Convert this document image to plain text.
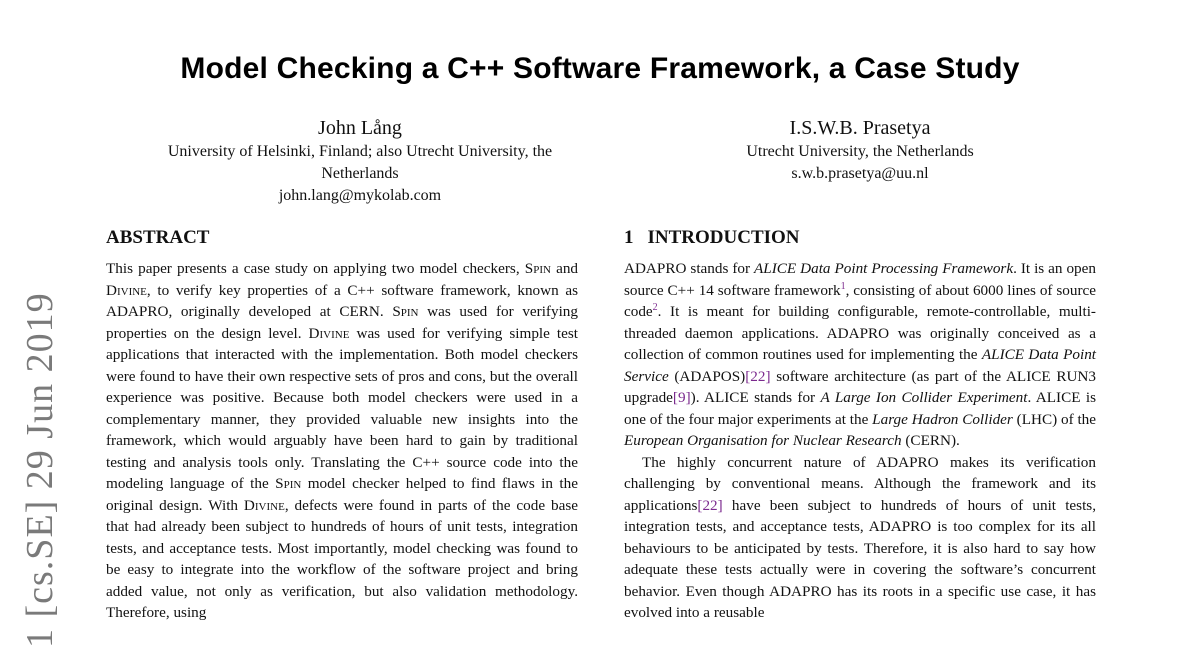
1 [cs.SE] 29 Jun 2019
Model Checking a C++ Software Framework, a Case Study
John Lång
University of Helsinki, Finland; also Utrecht University, the Netherlands
john.lang@mykolab.com
I.S.W.B. Prasetya
Utrecht University, the Netherlands
s.w.b.prasetya@uu.nl
ABSTRACT

This paper presents a case study on applying two model checkers, Spin and Divine, to verify key properties of a C++ software framework, known as ADAPRO, originally developed at CERN. Spin was used for verifying properties on the design level. Divine was used for verifying simple test applications that interacted with the implementation. Both model checkers were found to have their own respective sets of pros and cons, but the overall experience was positive. Because both model checkers were used in a complementary manner, they provided valuable new insights into the framework, which would arguably have been hard to gain by traditional testing and analysis tools only. Translating the C++ source code into the modeling language of the Spin model checker helped to find flaws in the original design. With Divine, defects were found in parts of the code base that had already been subject to hundreds of hours of unit tests, integration tests, and acceptance tests. Most importantly, model checking was found to be easy to integrate into the workflow of the software project and bring added value, not only as verification, but also validation methodology. Therefore, using

1 INTRODUCTION

ADAPRO stands for ALICE Data Point Processing Framework. It is an open source C++ 14 software framework$^1$, consisting of about 6000 lines of source code$^2$. It is meant for building configurable, remote-controllable, multi-threaded daemon applications. ADAPRO was originally conceived as a collection of common routines used for implementing the ALICE Data Point Service (ADAPOS)[22] software architecture (as part of the ALICE RUN3 upgrade[9]). ALICE stands for A Large Ion Collider Experiment. ALICE is one of the four major experiments at the Large Hadron Collider (LHC) of the European Organisation for Nuclear Research (CERN).

The highly concurrent nature of ADAPRO makes its verification challenging by conventional means. Although the framework and its applications[22] have been subject to hundreds of hours of unit tests, integration tests, and acceptance tests, ADAPRO is too complex for its all behaviours to be anticipated by tests. Therefore, it is also hard to say how adequate these tests actually were in covering the software’s concurrent behavior. Even though ADAPRO has its roots in a specific use case, it has evolved into a reusable
